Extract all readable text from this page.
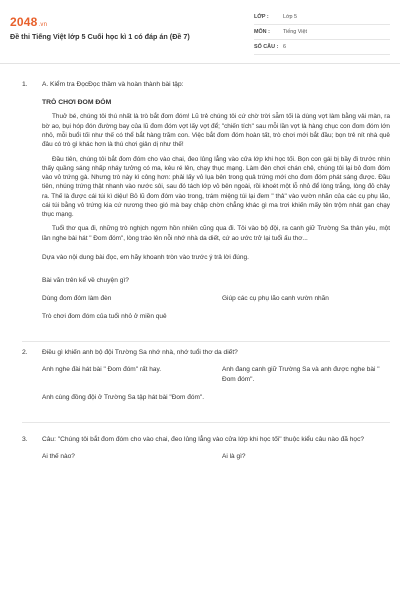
2048.vn
Đề thi Tiếng Việt lớp 5 Cuối học kì 1 có đáp án (Đề 7)
LỚP :	Lớp 5
MÔN :	Tiếng Việt
SỐ CÂU : 6
1. A. Kiểm tra ĐọcĐọc thầm và hoàn thành bài tập:
TRÒ CHƠI ĐOM ĐÓM

Thuở bé, chúng tôi thú nhất là trò bắt đom đóm! Lũ trẻ chúng tôi cứ chờ trời sẫm tối là dùng vợt làm bằng vải màn, ra bờ ao, bụi hóp đón đường bay của lũ đom đóm vợt lấy vợt để; "chiến tích" sau mỗi lần vợt là hàng chục con đom đóm lớn nhỏ, mỗi buổi tối như thế có thể bắt hàng trăm con. Việc bắt đom đóm hoàn tất, trò chơi mới bắt đầu; bọn trẻ nít nhà quê đâu có trò gì khác hơn là thú chơi giản dị như thế!

Đầu tiên, chúng tôi bắt đom đóm cho vào chai, đeo lủng lẳng vào cửa lớp khi học tối. Bọn con gái bị bầy đi trước nhìn thấy quầng sáng nhấp nháy tưởng có ma, kêu ré lên, chạy thục mạng. Làm đèn chơi chán chê, chúng tôi lại bỏ đom đóm vào vỏ trứng gà. Nhưng trò này kì công hơn: phải lấy vỏ lụa bên trong quả trứng mới cho đom đóm phát sáng được. Đầu tiên, nhúng trứng thật nhanh vào nước sôi, sau đó tách lớp vỏ bên ngoài, rồi khoét một lỗ nhỏ để lòng trắng, lòng đỏ chảy ra. Thế là được cái túi kì diệu! Bỏ lũ đom đóm vào trong, trám miệng túi lại đem " thả" vào vườn nhãn của các cụ phụ lão, cái túi bằng vỏ trứng kia cứ nương theo gió mà bay chập chờn chẳng khác gì ma trơi khiến mấy tên trộm nhát gan chạy thục mạng.

Tuổi thơ qua đi, những trò nghịch ngợm hồn nhiên cũng qua đi. Tôi vào bộ đội, ra canh giữ Trường Sa thân yêu, một lần nghe bài hát " Đom đóm", lòng trào lên nỗi nhớ nhà da diết, cứ ao ước trở lại tuổi ấu thơ...

Dựa vào nội dung bài đọc, em hãy khoanh tròn vào trước ý trả lời đúng.
Bài văn trên kể về chuyện gì?
Dùng đom đóm làm đèn	Giúp các cụ phụ lão canh vườn nhãn
Trò chơi đom đóm của tuổi nhỏ ở miền quê
2. Điều gì khiến anh bộ đội Trường Sa nhớ nhà, nhớ tuổi thơ da diết?
Anh nghe đài hát bài " Đom đóm" rất hay.	Anh đang canh giữ Trường Sa và anh được nghe bài " Đom đóm".
Anh cùng đồng đội ở Trường Sa tập hát bài "Đom đóm".
3. Câu: "Chúng tôi bắt đom đóm cho vào chai, đeo lủng lẳng vào cửa lớp khi học tối" thuộc kiểu câu nào đã học?
Ai thế nào?	Ai là gì?
